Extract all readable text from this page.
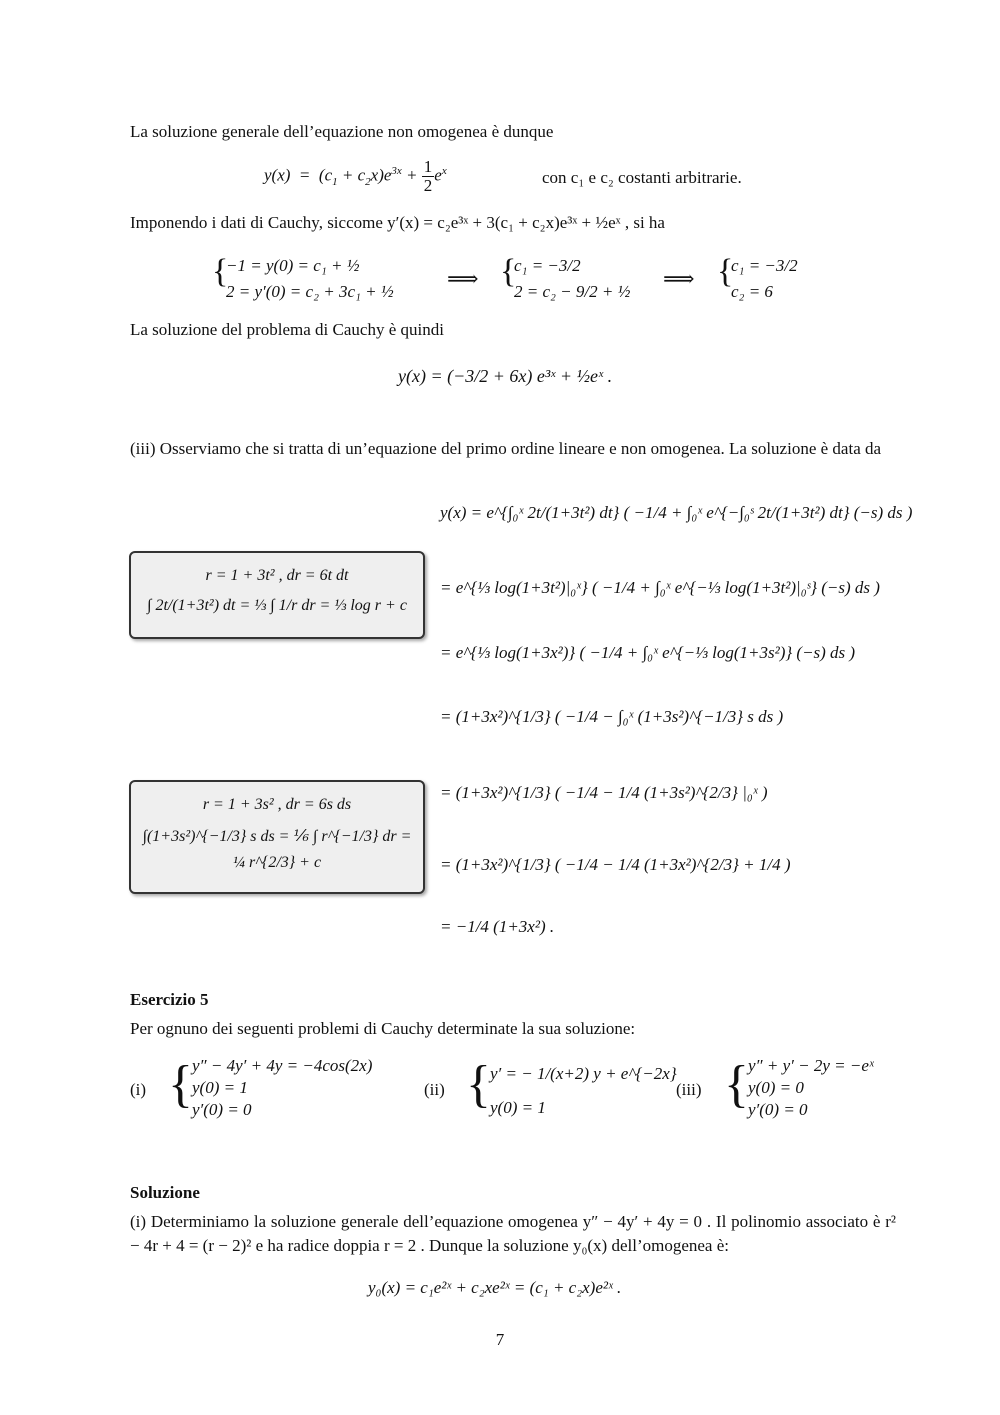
La soluzione generale dell’equazione non omogenea è dunque
$y(x) = (c_1 + c_2x)e^{3x} + \frac{1}{2} e^x$	con c₁ e c₂ costanti arbitrarie.
Imponendo i dati di Cauchy, siccome y′(x) = c₂e³ˣ + 3(c₁ + c₂x)e³ˣ + ½eˣ , si ha
{
−1 = y(0) = c₁ + ½
2 = y′(0) = c₂ + 3c₁ + ½
⟹ {
c₁ = −3/2
2 = c₂ − 9/2 + ½
⟹ {
c₁ = −3/2
c₂ = 6
La soluzione del problema di Cauchy è quindi
y(x) = (−3/2 + 6x) e³ˣ + ½eˣ .
(iii) Osserviamo che si tratta di un’equazione del primo ordine lineare e non omogenea. La soluzione è data da
y(x) = e^{∫₀ˣ 2t/(1+3t²) dt} ( −1/4 + ∫₀ˣ e^{−∫₀ˢ 2t/(1+3t²) dt} (−s) ds )
= e^{⅓ log(1+3t²)|₀ˣ} ( −1/4 + ∫₀ˣ e^{−⅓ log(1+3t²)|₀ˢ} (−s) ds )
= e^{⅓ log(1+3x²)} ( −1/4 + ∫₀ˣ e^{−⅓ log(1+3s²)} (−s) ds )
= (1+3x²)^{1/3} ( −1/4 − ∫₀ˣ (1+3s²)^{−1/3} s ds )
= (1+3x²)^{1/3} ( −1/4 − 1/4 (1+3s²)^{2/3} |₀ˣ )
= (1+3x²)^{1/3} ( −1/4 − 1/4 (1+3x²)^{2/3} + 1/4 )
= −1/4 (1+3x²) .
r = 1 + 3t² , dr = 6t dt
∫ 2t/(1+3t²) dt = ⅓ ∫ 1/r dr = ⅓ log r + c
r = 1 + 3s² , dr = 6s ds
∫(1+3s²)^{−1/3} s ds = ⅙ ∫ r^{−1/3} dr =
¼ r^{2/3} + c
Esercizio 5
Per ognuno dei seguenti problemi di Cauchy determinate la sua soluzione:
(i) { y″ − 4y′ + 4y = −4cos(2x)
y(0) = 1
y′(0) = 0
(ii) { y′ = − 1/(x+2) y + e^{−2x}
y(0) = 1
(iii) { y″ + y′ − 2y = −eˣ
y(0) = 0
y′(0) = 0
Soluzione
(i) Determiniamo la soluzione generale dell’equazione omogenea y″ − 4y′ + 4y = 0 . Il polinomio associato è r² − 4r + 4 = (r − 2)² e ha radice doppia r = 2 . Dunque la soluzione y₀(x) dell’omogenea è:
y₀(x) = c₁e²ˣ + c₂xe²ˣ = (c₁ + c₂x)e²ˣ .
7
